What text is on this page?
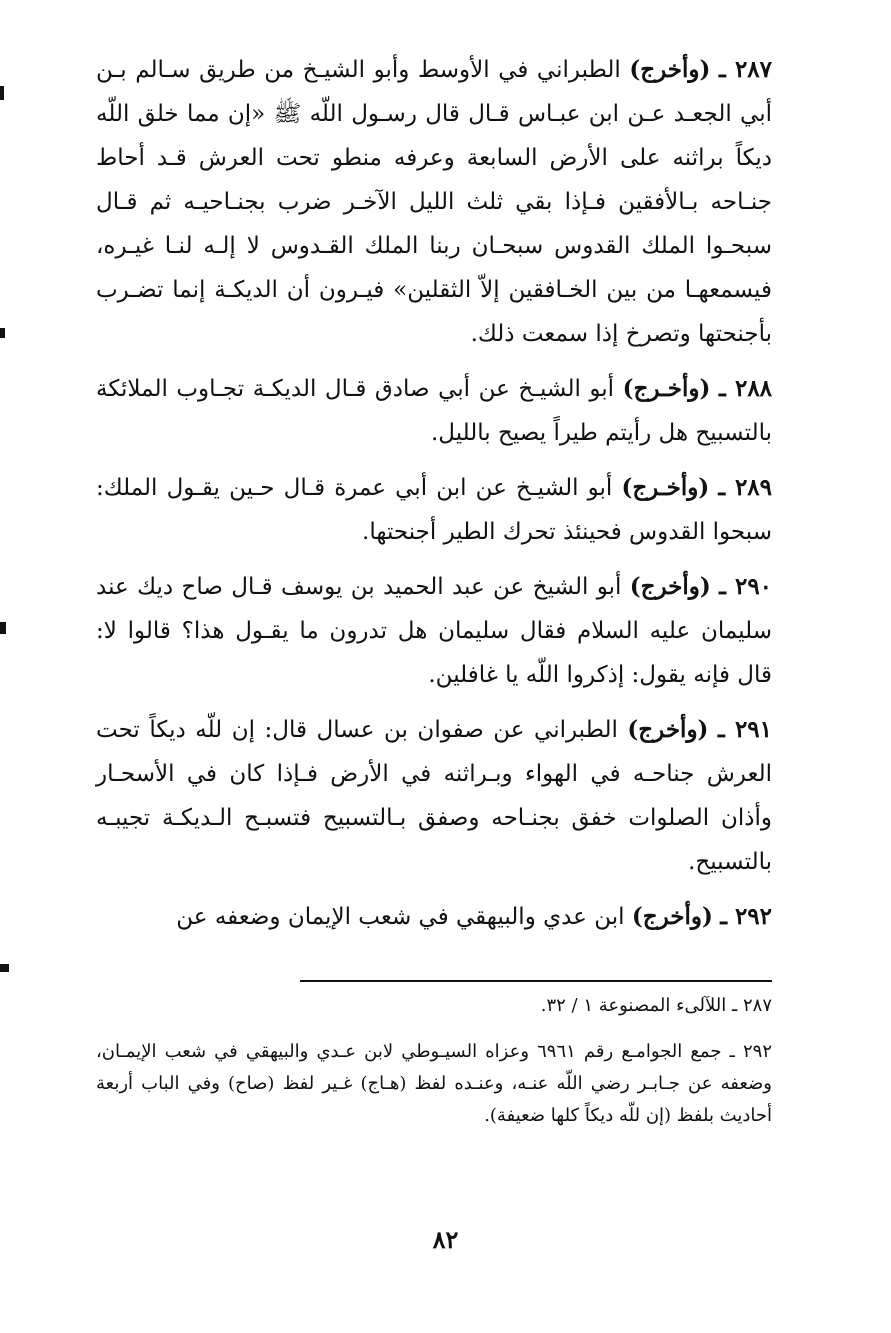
٢٨٧ ـ (وأخرج) الطبراني في الأوسط وأبو الشيـخ من طريق سـالم بـن أبي الجعـد عـن ابن عبـاس قـال قال رسـول اللّه ﷺ «إن مما خلق اللّه ديكاً براثنه على الأرض السابعة وعرفه منطو تحت العرش قـد أحاط جنـاحه بـالأفقين فـإذا بقي ثلث الليل الآخـر ضرب بجنـاحيـه ثم قـال سبحـوا الملك القدوس سبحـان ربنا الملك القـدوس لا إلـه لنـا غيـره، فيسمعهـا من بين الخـافقين إلاّ الثقلين» فيـرون أن الديكـة إنما تضـرب بأجنحتها وتصرخ إذا سمعت ذلك.

٢٨٨ ـ (وأخـرج) أبو الشيـخ عن أبي صادق قـال الديكـة تجـاوب الملائكة بالتسبيح هل رأيتم طيراً يصيح بالليل.

٢٨٩ ـ (وأخـرج) أبو الشيـخ عن ابن أبي عمرة قـال حـين يقـول الملك: سبحوا القدوس فحينئذ تحرك الطير أجنحتها.

٢٩٠ ـ (وأخرج) أبو الشيخ عن عبد الحميد بن يوسف قـال صاح ديك عند سليمان عليه السلام فقال سليمان هل تدرون ما يقـول هذا؟ قالوا لا: قال فإنه يقول: إذكروا اللّه يا غافلين.

٢٩١ ـ (وأخرج) الطبراني عن صفوان بن عسال قال: إن للّه ديكاً تحت العرش جناحـه في الهواء وبـراثنه في الأرض فـإذا كان في الأسحـار وأذان الصلوات خفق بجنـاحه وصفق بـالتسبيح فتسبـح الـديكـة تجيبـه بالتسبيح.

٢٩٢ ـ (وأخرج) ابن عدي والبيهقي في شعب الإيمان وضعفه عن

٢٨٧ ـ اللآلىء المصنوعة ١ / ٣٢.

٢٩٢ ـ جمع الجوامـع رقم ٦٩٦١ وعزاه السيـوطي لابن عـدي والبيهقي في شعب الإيمـان، وضعفه عن جـابـر رضي اللّه عنـه، وعنـده لفظ (هـاج) غـير لفظ (صاح) وفي الباب أربعة أحاديث بلفظ (إن للّه ديكاً كلها ضعيفة).

٨٢
